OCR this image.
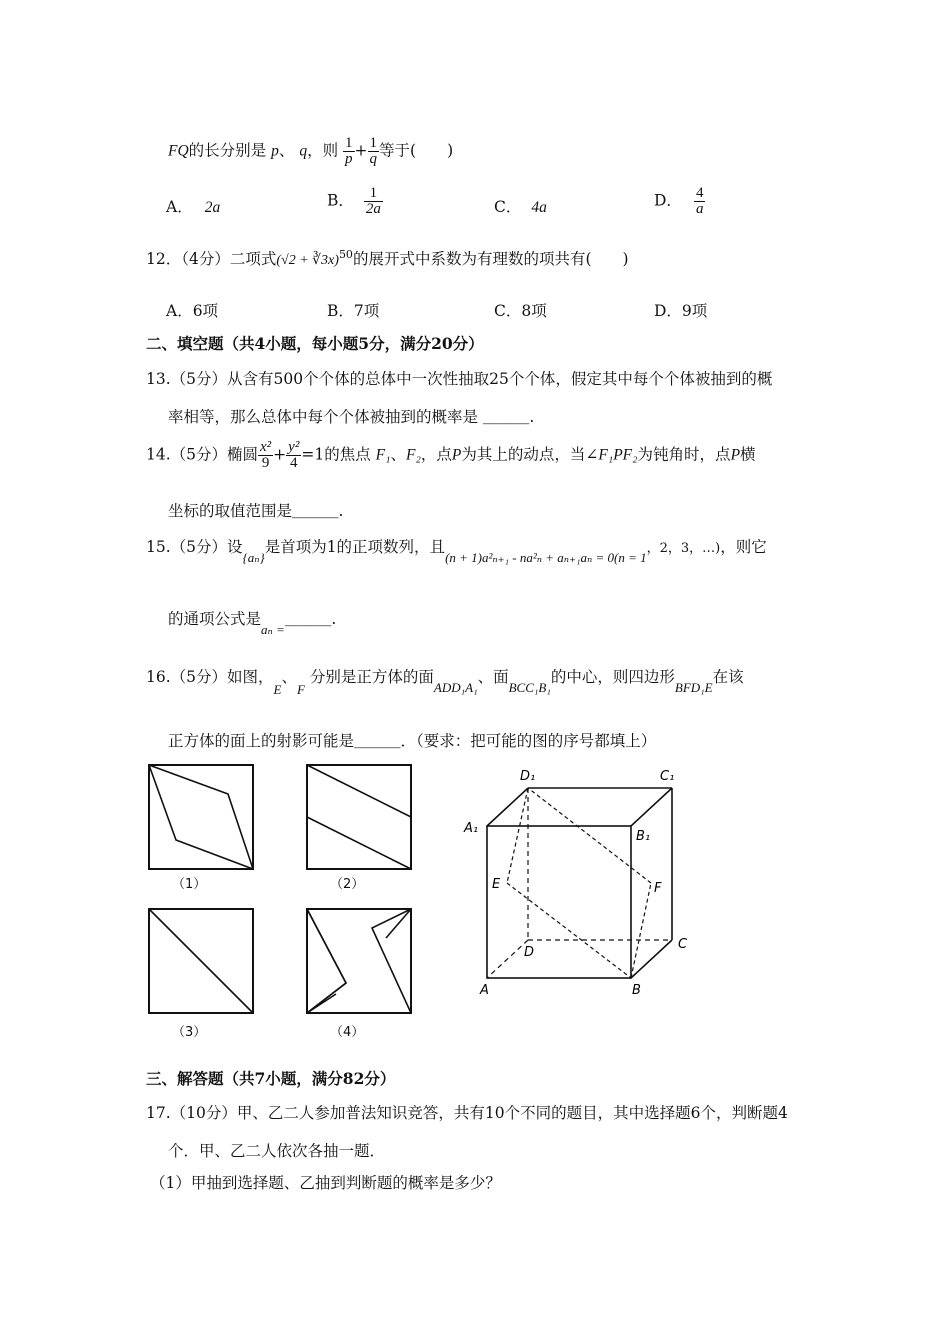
FQ的长分别是 p、 q，则 $\frac{1}{p} + \frac{1}{q}$ 等于(　　)
A． 2a	B． $\frac{1}{2a}$	C． 4a	D． $\frac{4}{a}$
12．（4分）二项式(√2 + ∛3x)$^{50}$的展开式中系数为有理数的项共有(　　)
A．6项	B．7项	C．8项	D．9项
二、填空题（共4小题，每小题5分，满分20分）
13.（5分）从含有500个个体的总体中一次性抽取25个个体，假定其中每个个体被抽到的概
率相等，那么总体中每个个体被抽到的概率是 ＿＿＿.
14.（5分）椭圆 $\frac{\text{x²}}{9} + \frac{\text{y²}}{4} =1$的焦点 F₁、F₂，点P为其上的动点，当∠F₁PF₂为钝角时，点P横
坐标的取值范围是＿＿＿.
15.（5分）设$_{\{a_n\}}$是首项为1的正项数列，且$_{(n + 1)a^2_{n+1} - na^2_n + a_{n+1}a_n = 0(n = 1}$，2，3，…)，则它
的通项公式是$_{a_n =}$＿＿＿.
16.（5分）如图，$_E$、$_F$ 分别是正方体的面$_{ADD_1A_1}$、面$_{BCC_1B_1}$的中心，则四边形$_{BFD_1E}$在该
正方体的面上的射影可能是＿＿＿．（要求：把可能的图的序号都填上）
（1）	（2）
（3）	（4）
D₁	C₁
A₁
B₁
E	F
D
C
A	B
三、解答题（共7小题，满分82分）
17.（10分）甲、乙二人参加普法知识竞答，共有10个不同的题目，其中选择题6个，判断题4
个．甲、乙二人依次各抽一题．
（1）甲抽到选择题、乙抽到判断题的概率是多少？
